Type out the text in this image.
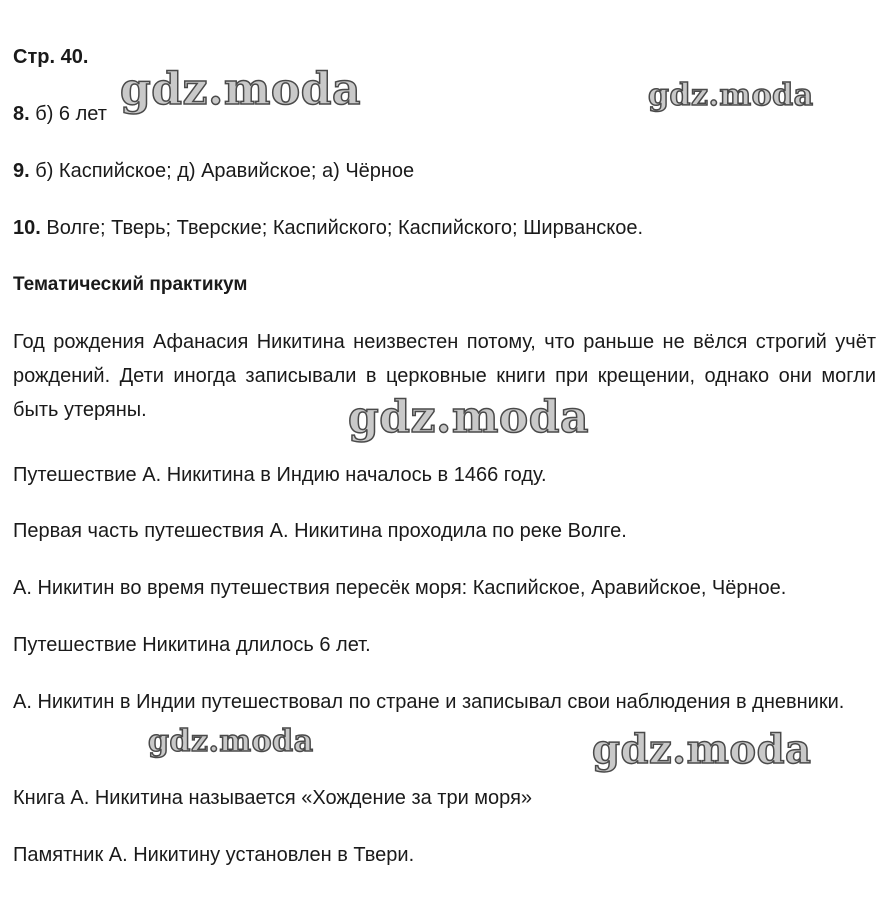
Стр. 40.
8. б) 6 лет
9. б) Каспийское; д) Аравийское; а) Чёрное
10. Волге; Тверь; Тверские; Каспийского; Каспийского; Ширванское.
Тематический практикум
Год рождения Афанасия Никитина неизвестен потому, что раньше не вёлся строгий учёт рождений. Дети иногда записывали в церковные книги при крещении, однако они могли быть утеряны.
Путешествие А. Никитина в Индию началось в 1466 году.
Первая часть путешествия А. Никитина проходила по реке Волге.
А. Никитин во время путешествия пересёк моря: Каспийское, Аравийское, Чёрное.
Путешествие Никитина длилось 6 лет.
А. Никитин в Индии путешествовал по стране и записывал свои наблюдения в дневники.
Книга А. Никитина называется «Хождение за три моря»
Памятник А. Никитину установлен в Твери.
gdz.moda	gdz.moda
gdz.moda
gdz.moda	gdz.moda
